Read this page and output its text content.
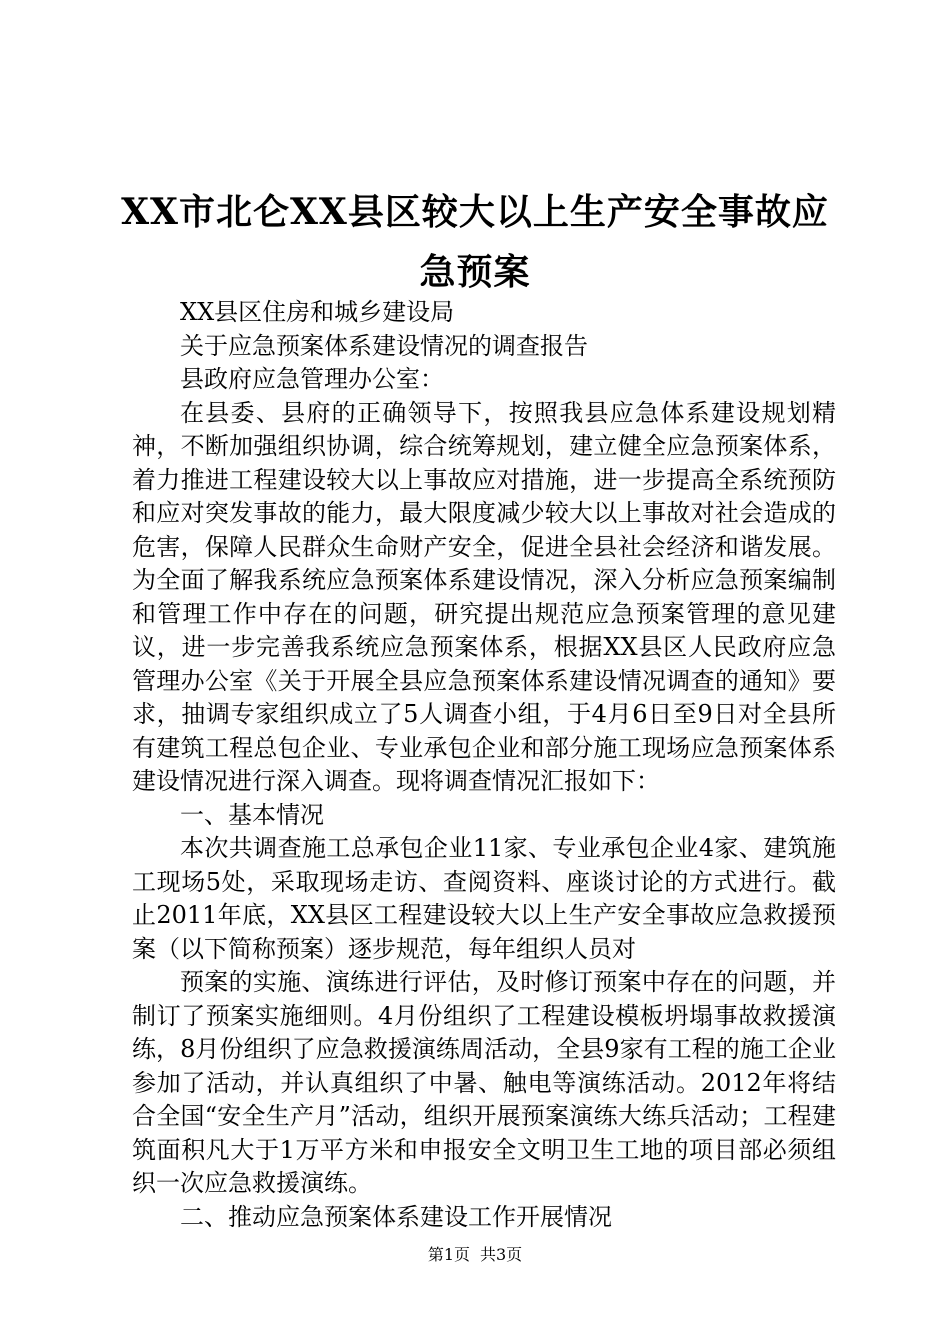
XX市北仑XX县区较大以上生产安全事故应急预案

XX县区住房和城乡建设局

关于应急预案体系建设情况的调查报告

县政府应急管理办公室：

在县委、县府的正确领导下，按照我县应急体系建设规划精神，不断加强组织协调，综合统筹规划，建立健全应急预案体系，着力推进工程建设较大以上事故应对措施，进一步提高全系统预防和应对突发事故的能力，最大限度减少较大以上事故对社会造成的危害，保障人民群众生命财产安全，促进全县社会经济和谐发展。为全面了解我系统应急预案体系建设情况，深入分析应急预案编制和管理工作中存在的问题，研究提出规范应急预案管理的意见建议，进一步完善我系统应急预案体系，根据XX县区人民政府应急管理办公室《关于开展全县应急预案体系建设情况调查的通知》要求，抽调专家组织成立了5人调查小组，于4月6日至9日对全县所有建筑工程总包企业、专业承包企业和部分施工现场应急预案体系建设情况进行深入调查。现将调查情况汇报如下：

一、基本情况

本次共调查施工总承包企业11家、专业承包企业4家、建筑施工现场5处，采取现场走访、查阅资料、座谈讨论的方式进行。截止2011年底，XX县区工程建设较大以上生产安全事故应急救援预案（以下简称预案）逐步规范，每年组织人员对

预案的实施、演练进行评估，及时修订预案中存在的问题，并制订了预案实施细则。4月份组织了工程建设模板坍塌事故救援演练，8月份组织了应急救援演练周活动，全县9家有工程的施工企业参加了活动，并认真组织了中暑、触电等演练活动。2012年将结合全国“安全生产月”活动，组织开展预案演练大练兵活动；工程建筑面积凡大于1万平方米和申报安全文明卫生工地的项目部必须组织一次应急救援演练。

二、推动应急预案体系建设工作开展情况

第1页 共3页
